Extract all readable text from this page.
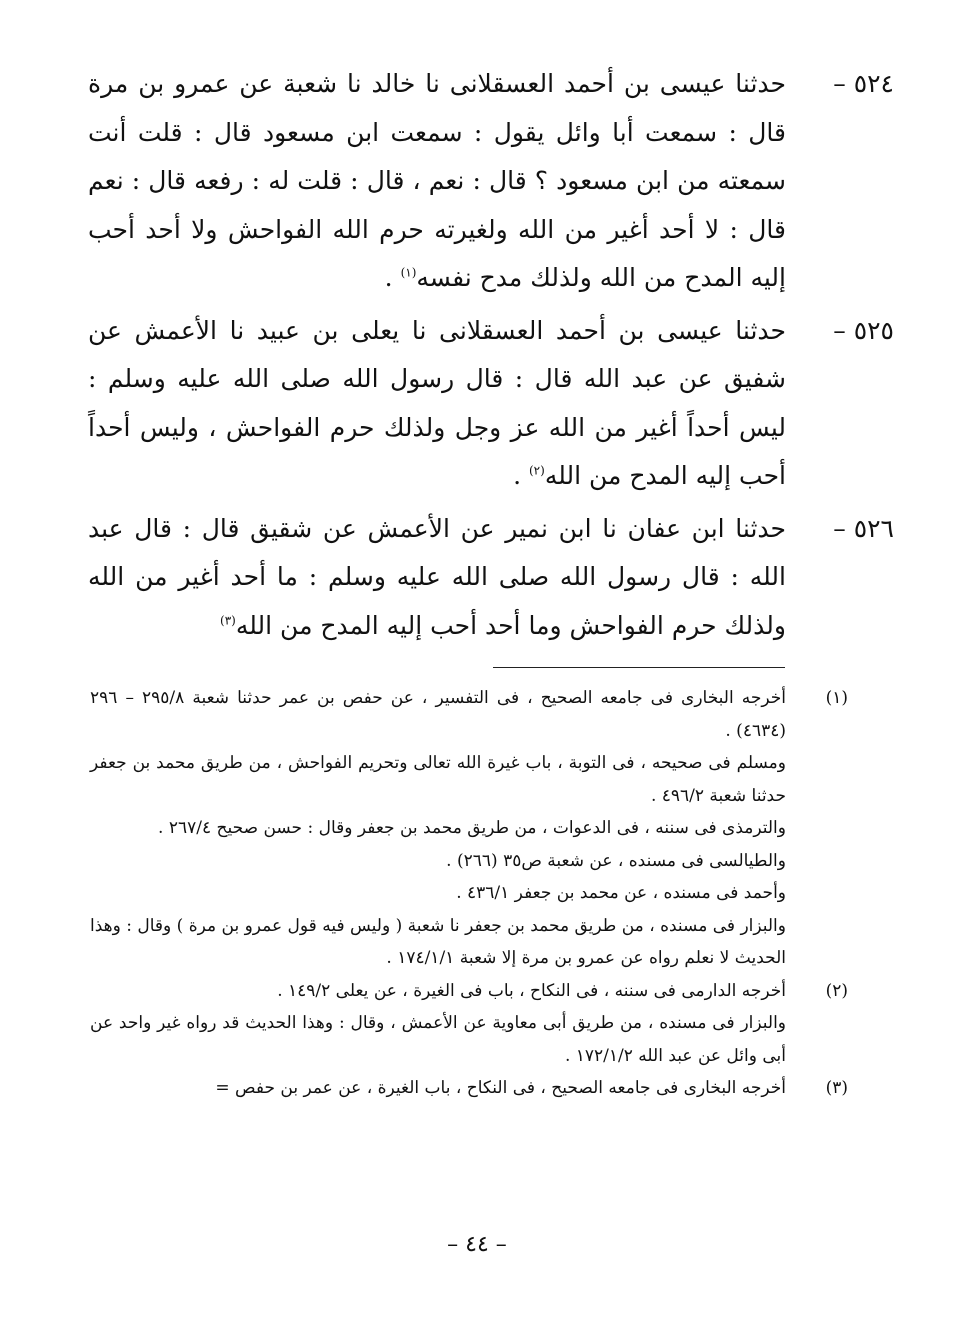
٥٢٤ –
حدثنا عيسى بن أحمد العسقلانى نا خالد نا شعبة عن عمرو بن مرة قال : سمعت أبا وائل يقول : سمعت ابن مسعود قال : قلت أنت سمعته من ابن مسعود ؟ قال : نعم ، قال : قلت له : رفعه قال : نعم قال : لا أحد أغير من الله ولغيرته حرم الله الفواحش ولا أحد أحب إليه المدح من الله ولذلك مدح نفسه$^{(١)}$ .
٥٢٥ –
حدثنا عيسى بن أحمد العسقلانى نا يعلى بن عبيد نا الأعمش عن شفيق عن عبد الله قال : قال رسول الله صلى الله عليه وسلم : ليس أحداً أغير من الله عز وجل ولذلك حرم الفواحش ، وليس أحداً أحب إليه المدح من الله$^{(٢)}$ .
٥٢٦ –
حدثنا ابن عفان نا ابن نمير عن الأعمش عن شقيق قال : قال عبد الله : قال رسول الله صلى الله عليه وسلم : ما أحد أغير من الله ولذلك حرم الفواحش وما أحد أحب إليه المدح من الله$^{(٣)}$
(١)
أخرجه البخارى فى جامعه الصحيح ، فى التفسير ، عن حفص بن عمر حدثنا شعبة ٢٩٥/٨ – ٢٩٦ (٤٦٣٤) .
ومسلم فى صحيحه ، فى التوبة ، باب غيرة الله تعالى وتحريم الفواحش ، من طريق محمد بن جعفر حدثنا شعبة ٤٩٦/٢ .
والترمذى فى سننه ، فى الدعوات ، من طريق محمد بن جعفر وقال : حسن صحيح ٢٦٧/٤ .
والطيالسى فى مسنده ، عن شعبة ص٣٥ (٢٦٦) .
وأحمد فى مسنده ، عن محمد بن جعفر ٤٣٦/١ .
والبزار فى مسنده ، من طريق محمد بن جعفر نا شعبة ( وليس فيه قول عمرو بن مرة ) وقال : وهذا الحديث لا نعلم رواه عن عمرو بن مرة إلا شعبة ١٧٤/١/١ .
(٢)
أخرجه الدارمى فى سننه ، فى النكاح ، باب فى الغيرة ، عن يعلى ١٤٩/٢ .
والبزار فى مسنده ، من طريق أبى معاوية عن الأعمش ، وقال : وهذا الحديث قد رواه غير واحد عن أبى وائل عن عبد الله ١٧٢/١/٢ .
(٣)
أخرجه البخارى فى جامعه الصحيح ، فى النكاح ، باب الغيرة ، عن عمر بن حفص =
– ٤٤ –
